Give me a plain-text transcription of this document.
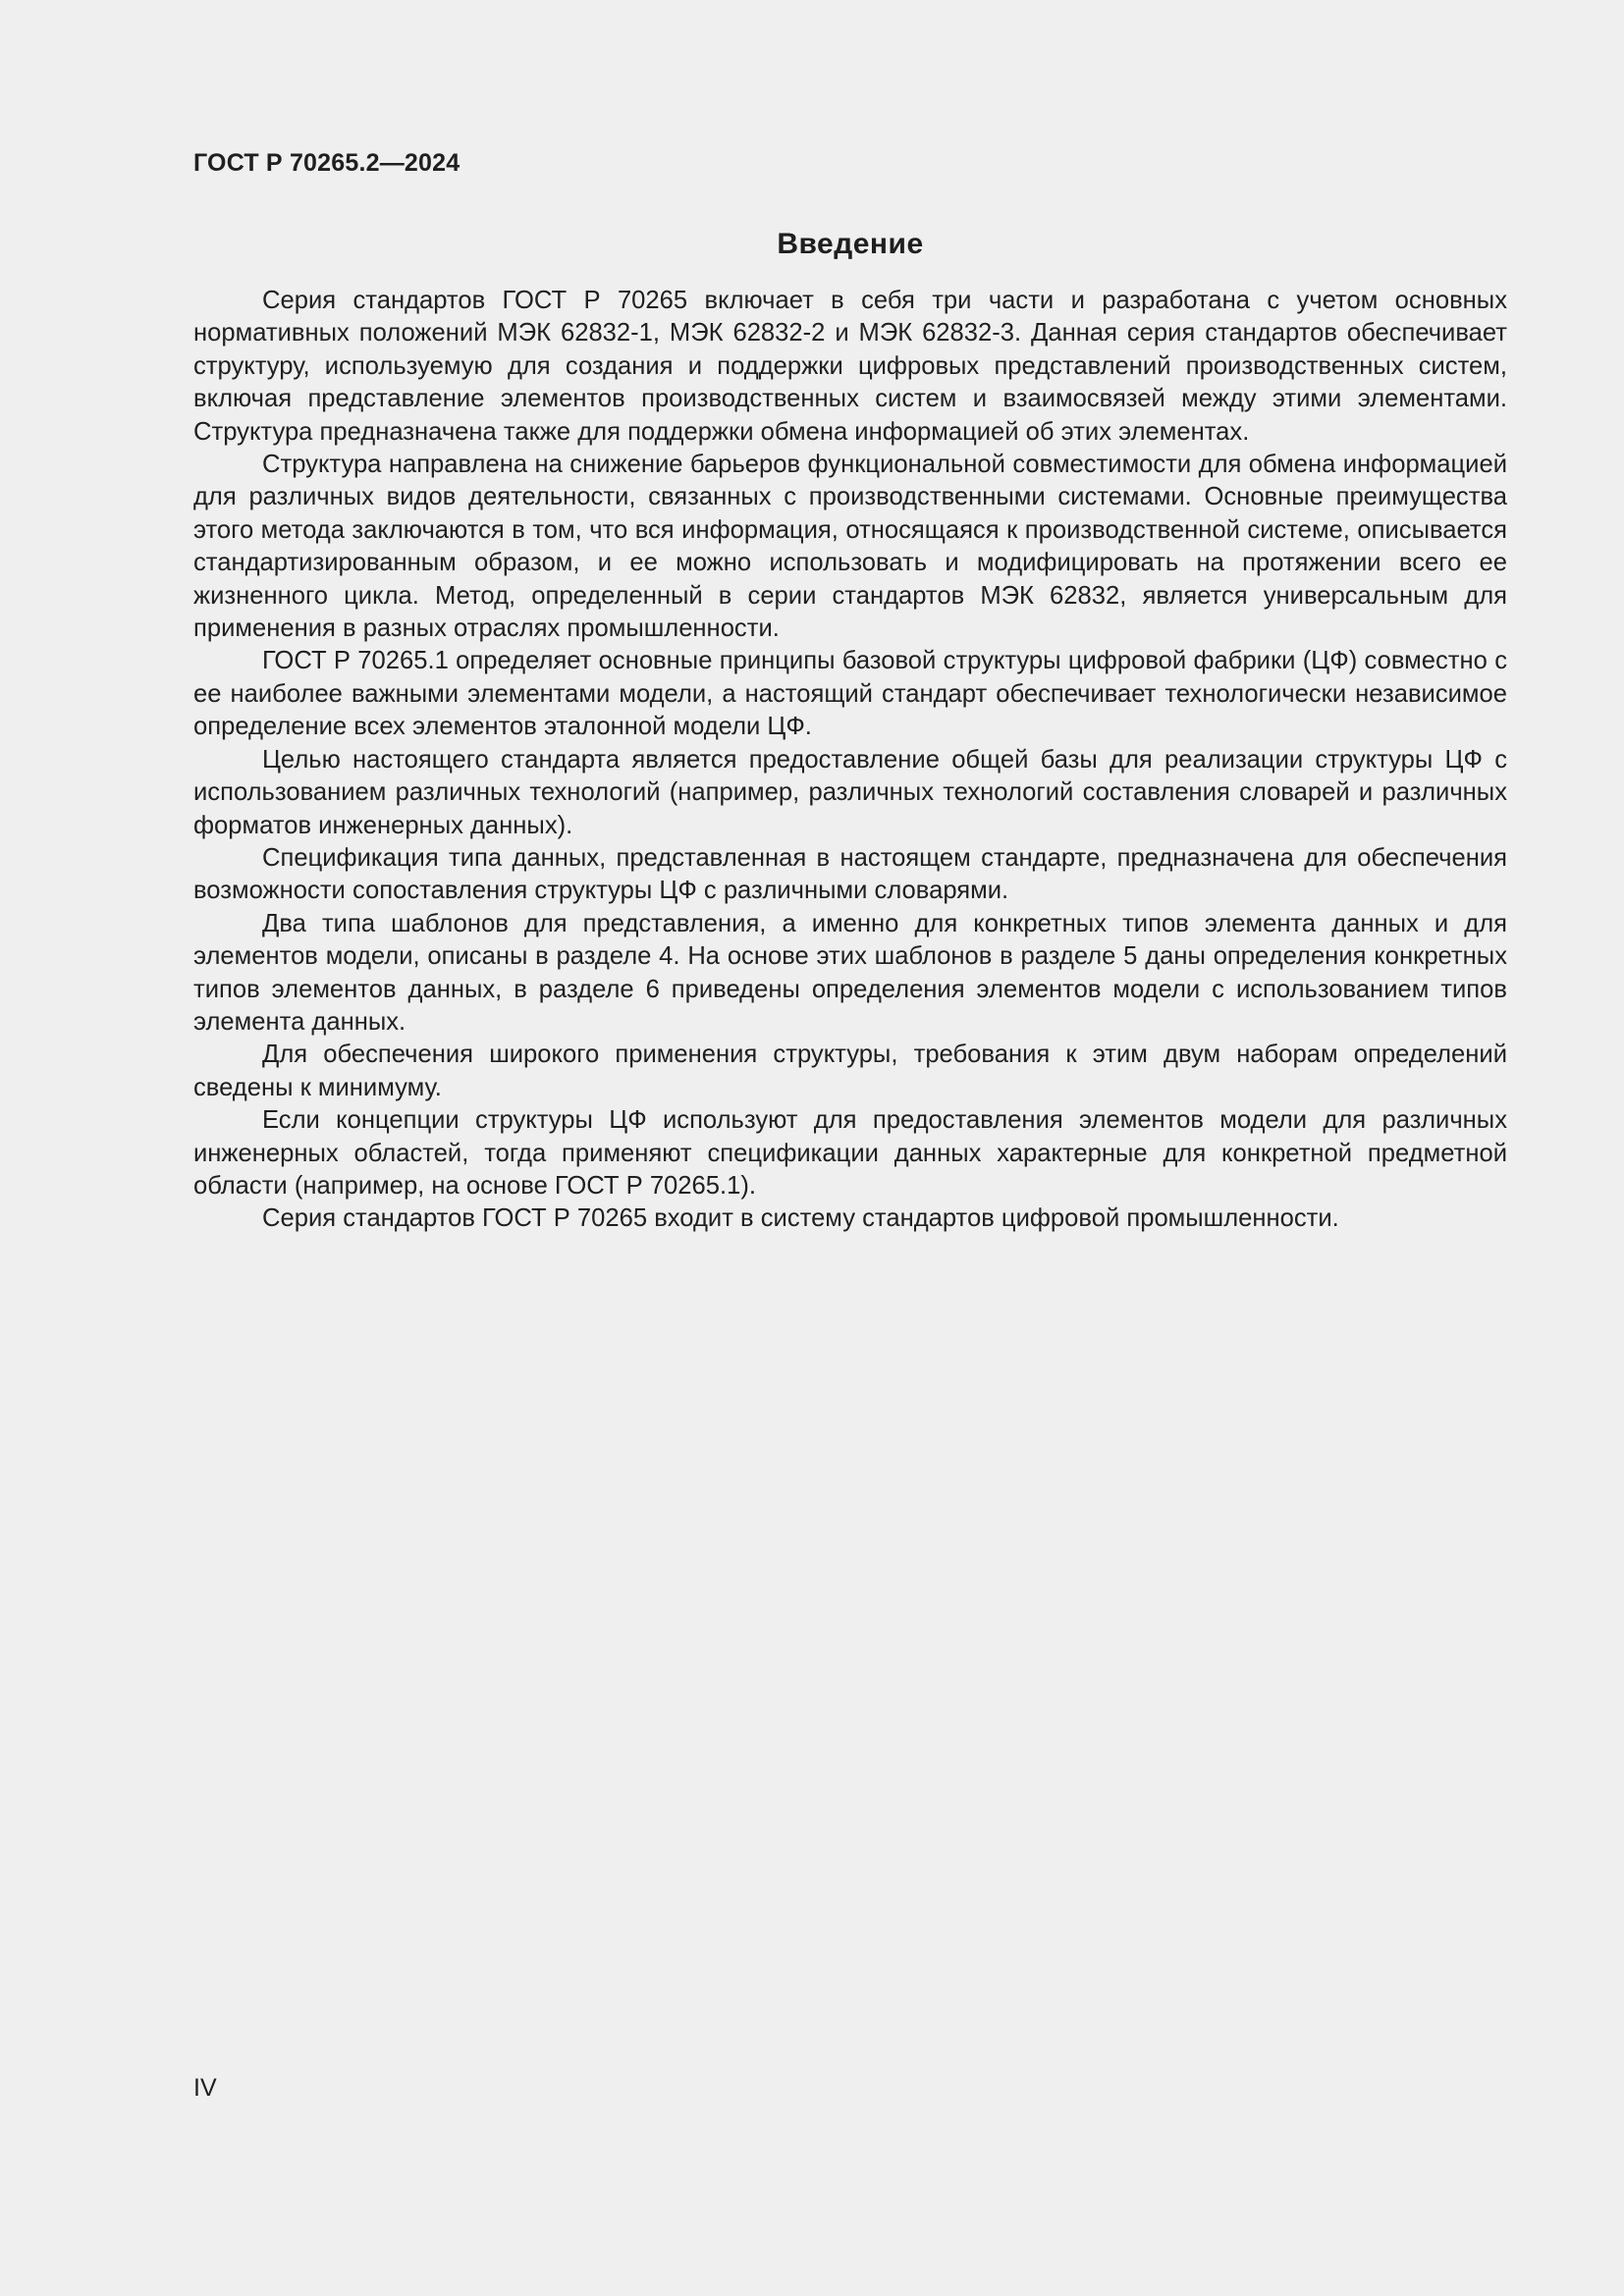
ГОСТ Р 70265.2—2024
Введение

Серия стандартов ГОСТ Р 70265 включает в себя три части и разработана с учетом основных нормативных положений МЭК 62832-1, МЭК 62832-2 и МЭК 62832-3. Данная серия стандартов обеспечивает структуру, используемую для создания и поддержки цифровых представлений производственных систем, включая представление элементов производственных систем и взаимосвязей между этими элементами. Структура предназначена также для поддержки обмена информацией об этих элементах.

Структура направлена на снижение барьеров функциональной совместимости для обмена информацией для различных видов деятельности, связанных с производственными системами. Основные преимущества этого метода заключаются в том, что вся информация, относящаяся к производственной системе, описывается стандартизированным образом, и ее можно использовать и модифицировать на протяжении всего ее жизненного цикла. Метод, определенный в серии стандартов МЭК 62832, является универсальным для применения в разных отраслях промышленности.

ГОСТ Р 70265.1 определяет основные принципы базовой структуры цифровой фабрики (ЦФ) совместно с ее наиболее важными элементами модели, а настоящий стандарт обеспечивает технологически независимое определение всех элементов эталонной модели ЦФ.

Целью настоящего стандарта является предоставление общей базы для реализации структуры ЦФ с использованием различных технологий (например, различных технологий составления словарей и различных форматов инженерных данных).

Спецификация типа данных, представленная в настоящем стандарте, предназначена для обеспечения возможности сопоставления структуры ЦФ с различными словарями.

Два типа шаблонов для представления, а именно для конкретных типов элемента данных и для элементов модели, описаны в разделе 4. На основе этих шаблонов в разделе 5 даны определения конкретных типов элементов данных, в разделе 6 приведены определения элементов модели с использованием типов элемента данных.

Для обеспечения широкого применения структуры, требования к этим двум наборам определений сведены к минимуму.

Если концепции структуры ЦФ используют для предоставления элементов модели для различных инженерных областей, тогда применяют спецификации данных характерные для конкретной предметной области (например, на основе ГОСТ Р 70265.1).

Серия стандартов ГОСТ Р 70265 входит в систему стандартов цифровой промышленности.

IV
